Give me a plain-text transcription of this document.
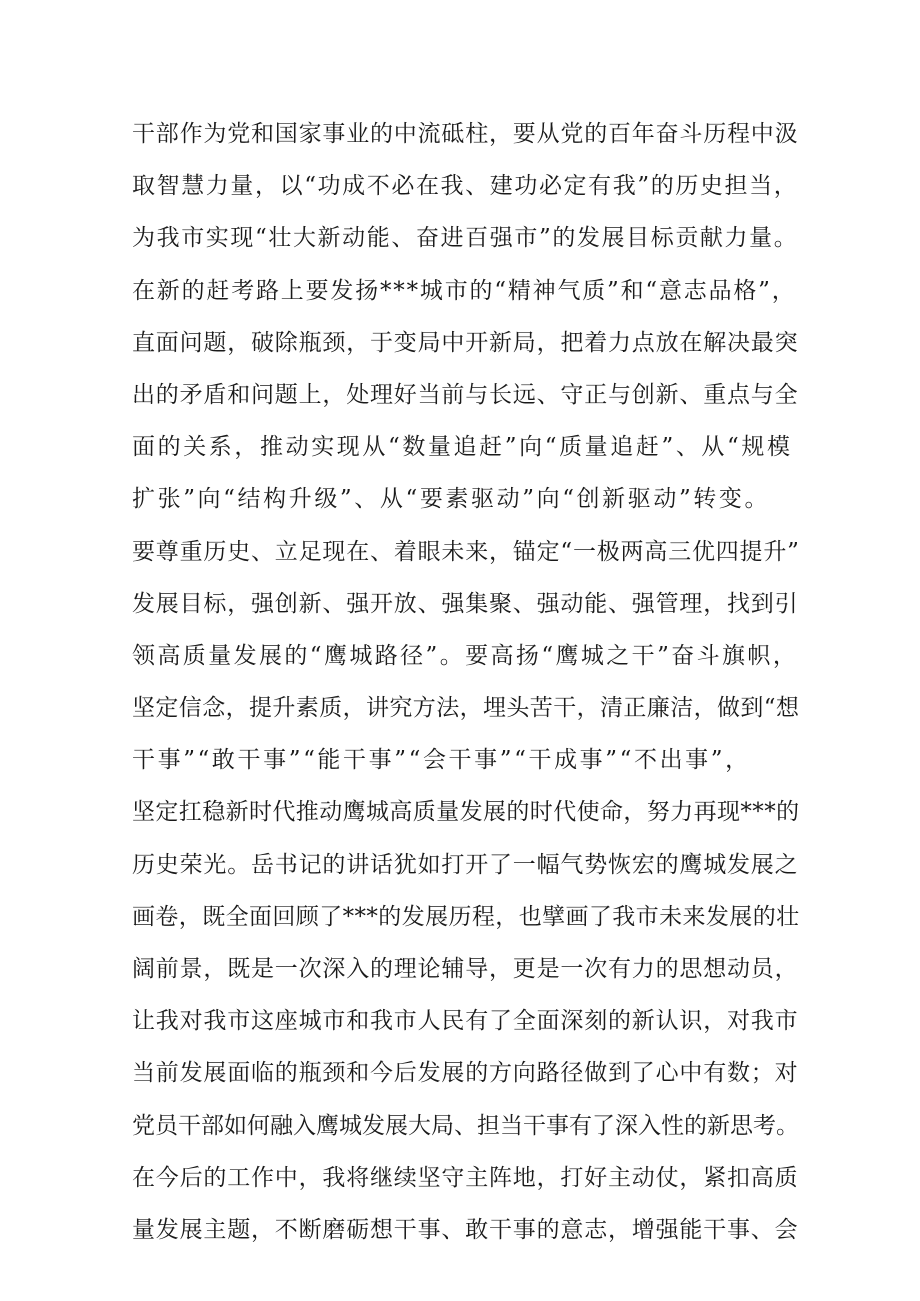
干部作为党和国家事业的中流砥柱，要从党的百年奋斗历程中汲
取智慧力量，以“功成不必在我、建功必定有我”的历史担当，
为我市实现“壮大新动能、奋进百强市”的发展目标贡献力量。
在新的赶考路上要发扬***城市的“精神气质”和“意志品格”，
直面问题，破除瓶颈，于变局中开新局，把着力点放在解决最突
出的矛盾和问题上，处理好当前与长远、守正与创新、重点与全
面的关系，推动实现从“数量追赶”向“质量追赶”、从“规模
扩张”向“结构升级”、从“要素驱动”向“创新驱动”转变。
要尊重历史、立足现在、着眼未来，锚定“一极两高三优四提升”
发展目标，强创新、强开放、强集聚、强动能、强管理，找到引
领高质量发展的“鹰城路径”。要高扬“鹰城之干”奋斗旗帜，
坚定信念，提升素质，讲究方法，埋头苦干，清正廉洁，做到“想
干事”“敢干事”“能干事”“会干事”“干成事”“不出事”，
坚定扛稳新时代推动鹰城高质量发展的时代使命，努力再现***的
历史荣光。岳书记的讲话犹如打开了一幅气势恢宏的鹰城发展之
画卷，既全面回顾了***的发展历程，也擘画了我市未来发展的壮
阔前景，既是一次深入的理论辅导，更是一次有力的思想动员，
让我对我市这座城市和我市人民有了全面深刻的新认识，对我市
当前发展面临的瓶颈和今后发展的方向路径做到了心中有数；对
党员干部如何融入鹰城发展大局、担当干事有了深入性的新思考。
在今后的工作中，我将继续坚守主阵地，打好主动仗，紧扣高质
量发展主题，不断磨砺想干事、敢干事的意志，增强能干事、会
